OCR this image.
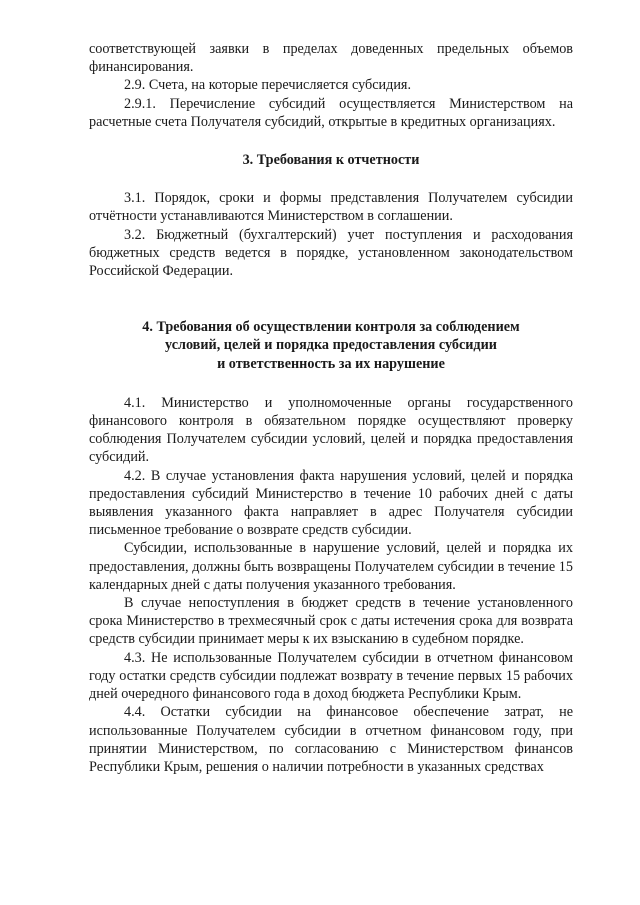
соответствующей заявки в пределах доведенных предельных объемов финансирования.

2.9. Счета, на которые перечисляется субсидия.

2.9.1. Перечисление субсидий осуществляется Министерством на расчетные счета Получателя субсидий, открытые в кредитных организациях.

3. Требования к отчетности

3.1. Порядок, сроки и формы представления Получателем субсидии отчётности устанавливаются Министерством в соглашении.

3.2. Бюджетный (бухгалтерский) учет поступления и расходования бюджетных средств ведется в порядке, установленном законодательством Российской Федерации.

4. Требования об осуществлении контроля за соблюдением
условий, целей и порядка предоставления субсидии
и ответственность за их нарушение

4.1. Министерство и уполномоченные органы государственного финансового контроля в обязательном порядке осуществляют проверку соблюдения Получателем субсидии условий, целей и порядка предоставления субсидий.

4.2. В случае установления факта нарушения условий, целей и порядка предоставления субсидий Министерство в течение 10 рабочих дней с даты выявления указанного факта направляет в адрес Получателя субсидии письменное требование о возврате средств субсидии.

Субсидии, использованные в нарушение условий, целей и порядка их предоставления, должны быть возвращены Получателем субсидии в течение 15 календарных дней с даты получения указанного требования.

В случае непоступления в бюджет средств в течение установленного срока Министерство в трехмесячный срок с даты истечения срока для возврата средств субсидии принимает меры к их взысканию в судебном порядке.

4.3. Не использованные Получателем субсидии в отчетном финансовом году остатки средств субсидии подлежат возврату в течение первых 15 рабочих дней очередного финансового года в доход бюджета Республики Крым.

4.4. Остатки субсидии на финансовое обеспечение затрат, не использованные Получателем субсидии в отчетном финансовом году, при принятии Министерством, по согласованию с Министерством финансов Республики Крым, решения о наличии потребности в указанных средствах
